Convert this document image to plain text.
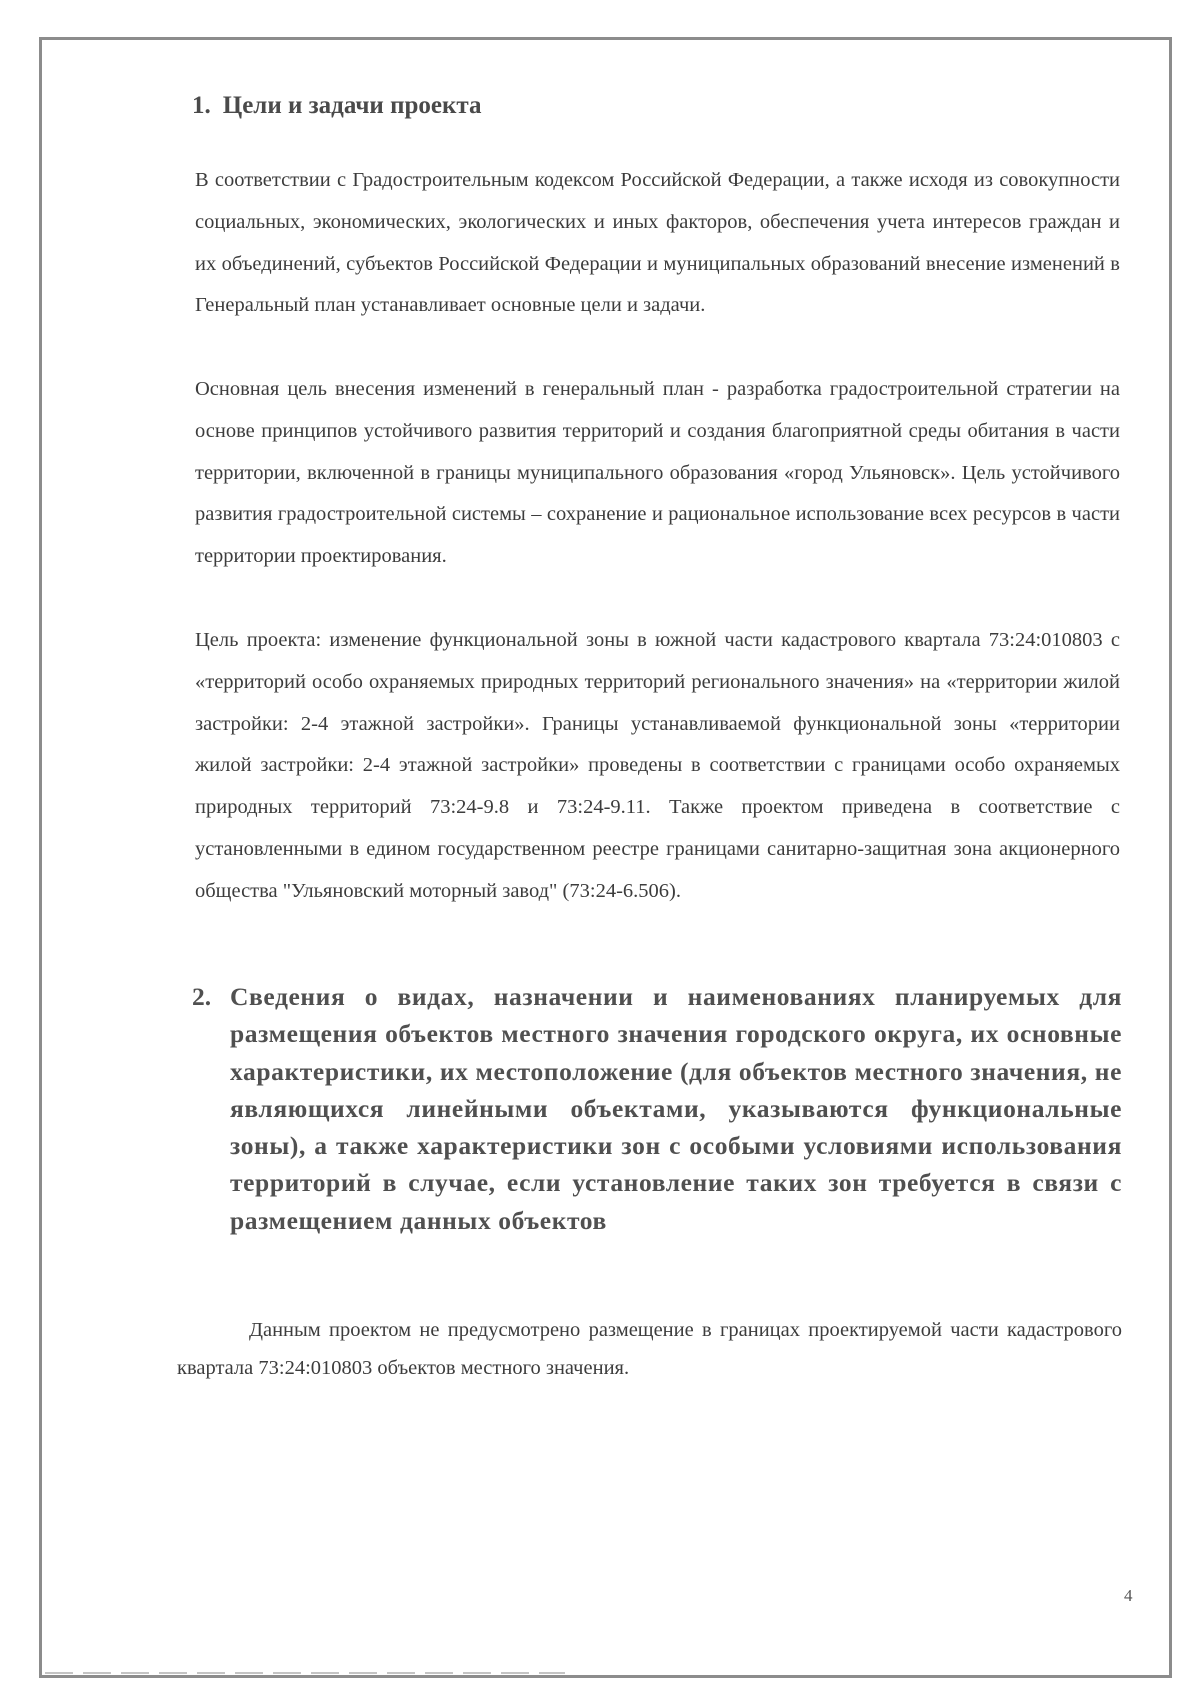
1. Цели и задачи проекта

В соответствии с Градостроительным кодексом Российской Федерации, а также исходя из совокупности социальных, экономических, экологических и иных факторов, обеспечения учета интересов граждан и их объединений, субъектов Российской Федерации и муниципальных образований внесение изменений в Генеральный план устанавливает основные цели и задачи.

Основная цель внесения изменений в генеральный план - разработка градостроительной стратегии на основе принципов устойчивого развития территорий и создания благоприятной среды обитания в части территории, включенной в границы муниципального образования «город Ульяновск». Цель устойчивого развития градостроительной системы – сохранение и рациональное использование всех ресурсов в части территории проектирования.

Цель проекта: изменение функциональной зоны в южной части кадастрового квартала 73:24:010803 с «территорий особо охраняемых природных территорий регионального значения» на «территории жилой застройки: 2-4 этажной застройки». Границы устанавливаемой функциональной зоны «территории жилой застройки: 2-4 этажной застройки» проведены в соответствии с границами особо охраняемых природных территорий 73:24-9.8 и 73:24-9.11. Также проектом приведена в соответствие с установленными в едином государственном реестре границами санитарно-защитная зона акционерного общества "Ульяновский моторный завод" (73:24-6.506).

2. Сведения о видах, назначении и наименованиях планируемых для размещения объектов местного значения городского округа, их основные характеристики, их местоположение (для объектов местного значения, не являющихся линейными объектами, указываются функциональные зоны), а также характеристики зон с особыми условиями использования территорий в случае, если установление таких зон требуется в связи с размещением данных объектов

Данным проектом не предусмотрено размещение в границах проектируемой части кадастрового квартала 73:24:010803 объектов местного значения.

4
